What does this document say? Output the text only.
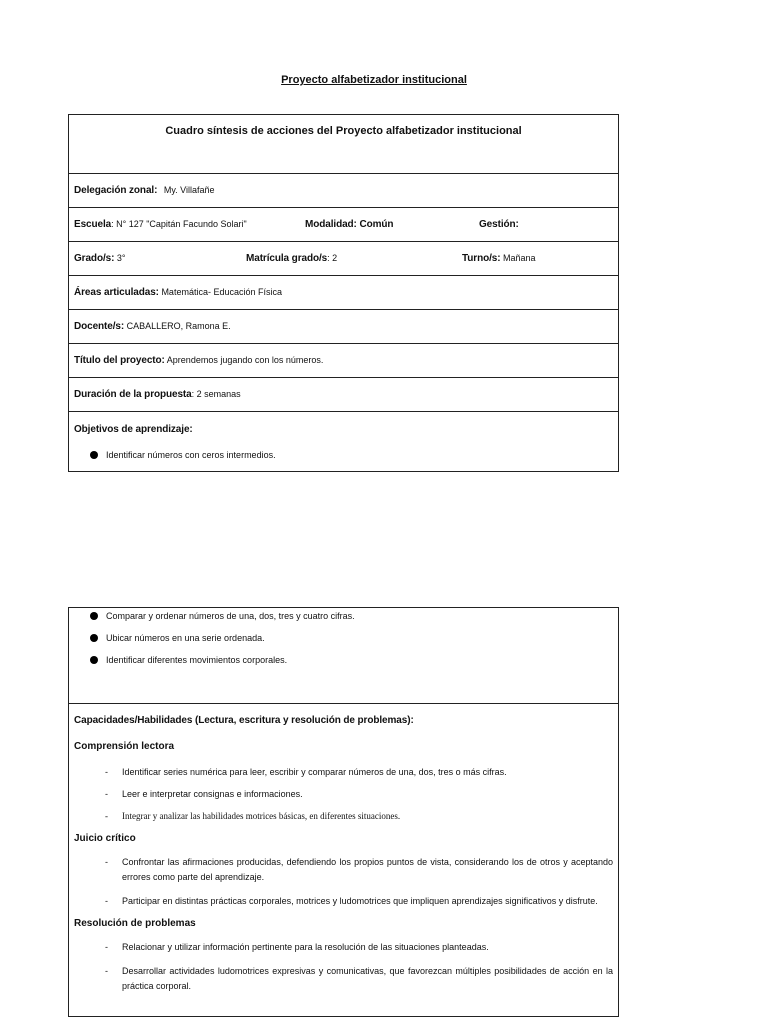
Proyecto alfabetizador institucional
Cuadro síntesis de acciones del Proyecto alfabetizador institucional
Delegación zonal: My. Villafañe

Escuela: N° 127 "Capitán Facundo Solari"	Modalidad: Común	Gestión:

Grado/s: 3°	Matrícula grado/s: 2	Turno/s: Mañana

Áreas articuladas: Matemática- Educación Física
Docente/s: CABALLERO, Ramona E.
Título del proyecto: Aprendemos jugando con los números.
Duración de la propuesta: 2 semanas

Objetivos de aprendizaje:
Identificar números con ceros intermedios.
Comparar y ordenar números de una, dos, tres y cuatro cifras.
Ubicar números en una serie ordenada.
Identificar diferentes movimientos corporales.

Capacidades/Habilidades (Lectura, escritura y resolución de problemas):
Comprensión lectora
- Identificar series numérica para leer, escribir y comparar números de una, dos, tres o más cifras.
- Leer e interpretar consignas e informaciones.
- Integrar y analizar las habilidades motrices básicas, en diferentes situaciones.
Juicio crítico
- Confrontar las afirmaciones producidas, defendiendo los propios puntos de vista, considerando los de otros y aceptando errores como parte del aprendizaje.
- Participar en distintas prácticas corporales, motrices y ludomotrices que impliquen aprendizajes significativos y disfrute.
Resolución de problemas
- Relacionar y utilizar información pertinente para la resolución de las situaciones planteadas.
- Desarrollar actividades ludomotrices expresivas y comunicativas, que favorezcan múltiples posibilidades de acción en la práctica corporal.
